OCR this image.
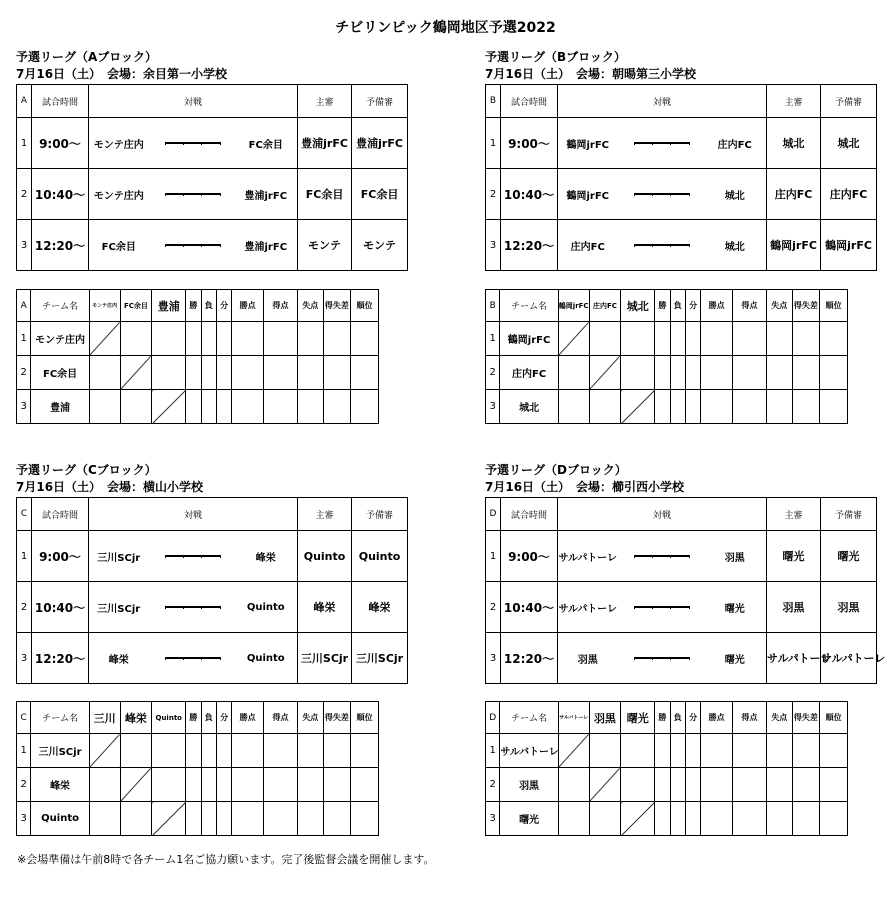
チビリンピック鶴岡地区予選2022
予選リーグ（Aブロック）
7月16日（土）　会場：余目第一小学校
A	試合時間	対戦			主審	予備審
1	9:00～	モンテ庄内		FC余目	豊浦jrFC	豊浦jrFC
2	10:40～	モンテ庄内		豊浦jrFC	FC余目	FC余目
3	12:20～	FC余目		豊浦jrFC	モンテ	モンテ
A	チーム名	モンテ庄内	FC余目	豊浦	勝	負	分	勝点	得点	失点	得失差	順位
1	モンテ庄内											
2	FC余目											
3	豊浦											
予選リーグ（Bブロック）
7月16日（土）　会場：朝暘第三小学校
B	試合時間	対戦			主審	予備審
1	9:00～	鶴岡jrFC		庄内FC	城北	城北
2	10:40～	鶴岡jrFC		城北	庄内FC	庄内FC
3	12:20～	庄内FC		城北	鶴岡jrFC	鶴岡jrFC
B	チーム名	鶴岡jrFC	庄内FC	城北	勝	負	分	勝点	得点	失点	得失差	順位
1	鶴岡jrFC											
2	庄内FC											
3	城北											
予選リーグ（Cブロック）
7月16日（土）　会場：横山小学校
C	試合時間	対戦			主審	予備審
1	9:00～	三川SCjr		峰栄	Quinto	Quinto
2	10:40～	三川SCjr		Quinto	峰栄	峰栄
3	12:20～	峰栄		Quinto	三川SCjr	三川SCjr
C	チーム名	三川	峰栄	Quinto	勝	負	分	勝点	得点	失点	得失差	順位
1	三川SCjr											
2	峰栄											
3	Quinto											
予選リーグ（Dブロック）
7月16日（土）　会場：櫛引西小学校
D	試合時間	対戦			主審	予備審
1	9:00～	サルパトーレ		羽黒	曙光	曙光
2	10:40～	サルパトーレ		曙光	羽黒	羽黒
3	12:20～	羽黒		曙光	サルパトーレ	サルパトーレ
D	チーム名	サルバトーレ	羽黒	曙光	勝	負	分	勝点	得点	失点	得失差	順位
1	サルバトーレ											
2	羽黒											
3	曙光											
※会場準備は午前8時で各チーム1名ご協力願います。完了後監督会議を開催します。
